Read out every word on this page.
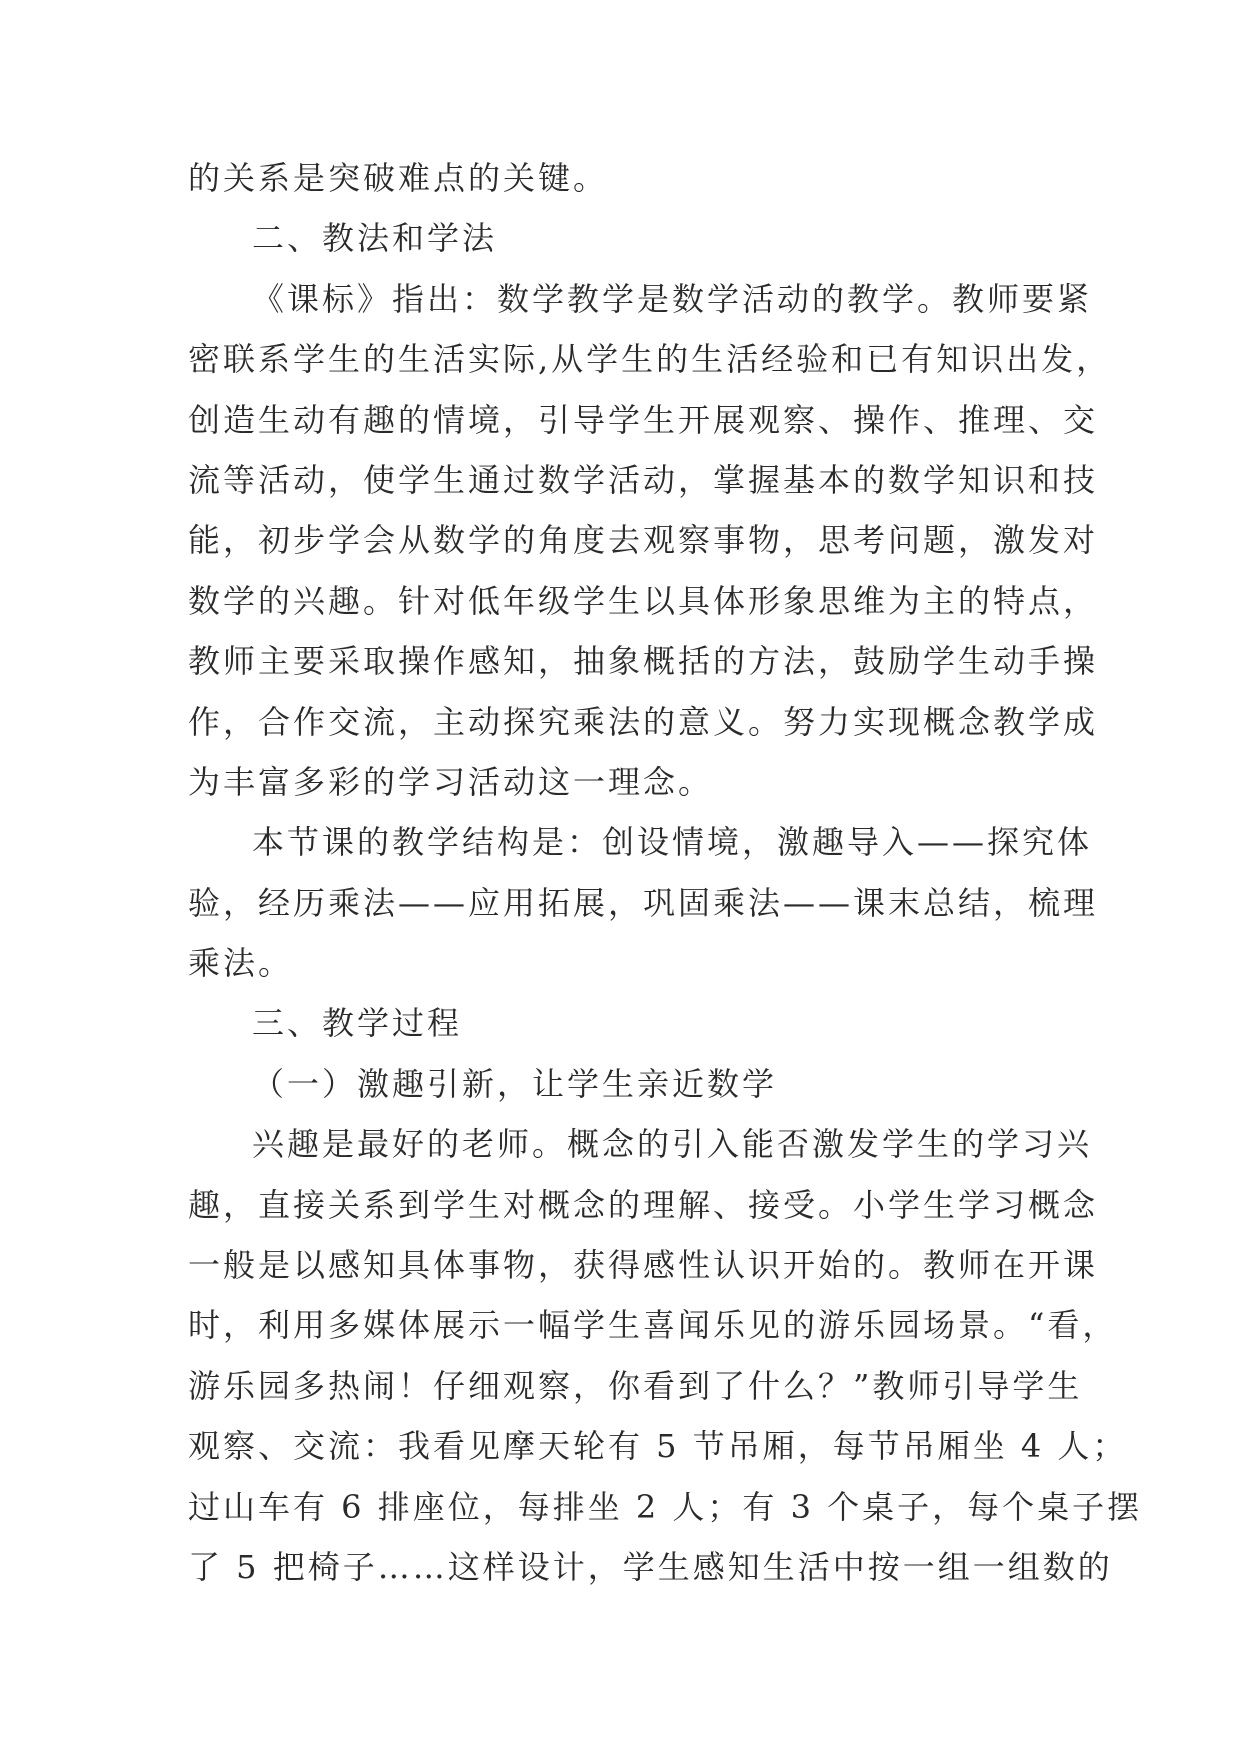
的关系是突破难点的关键。
二、教法和学法
《课标》指出：数学教学是数学活动的教学。教师要紧
密联系学生的生活实际,从学生的生活经验和已有知识出发，
创造生动有趣的情境，引导学生开展观察、操作、推理、交
流等活动，使学生通过数学活动，掌握基本的数学知识和技
能，初步学会从数学的角度去观察事物，思考问题，激发对
数学的兴趣。针对低年级学生以具体形象思维为主的特点，
教师主要采取操作感知，抽象概括的方法，鼓励学生动手操
作，合作交流，主动探究乘法的意义。努力实现概念教学成
为丰富多彩的学习活动这一理念。
本节课的教学结构是：创设情境，激趣导入——探究体
验，经历乘法——应用拓展，巩固乘法——课末总结，梳理
乘法。
三、教学过程
（一）激趣引新，让学生亲近数学
兴趣是最好的老师。概念的引入能否激发学生的学习兴
趣，直接关系到学生对概念的理解、接受。小学生学习概念
一般是以感知具体事物，获得感性认识开始的。教师在开课
时，利用多媒体展示一幅学生喜闻乐见的游乐园场景。“看，
游乐园多热闹！仔细观察，你看到了什么？”教师引导学生
观察、交流：我看见摩天轮有 5 节吊厢，每节吊厢坐 4 人；
过山车有 6 排座位，每排坐 2 人；有 3 个桌子，每个桌子摆
了 5 把椅子……这样设计，学生感知生活中按一组一组数的
